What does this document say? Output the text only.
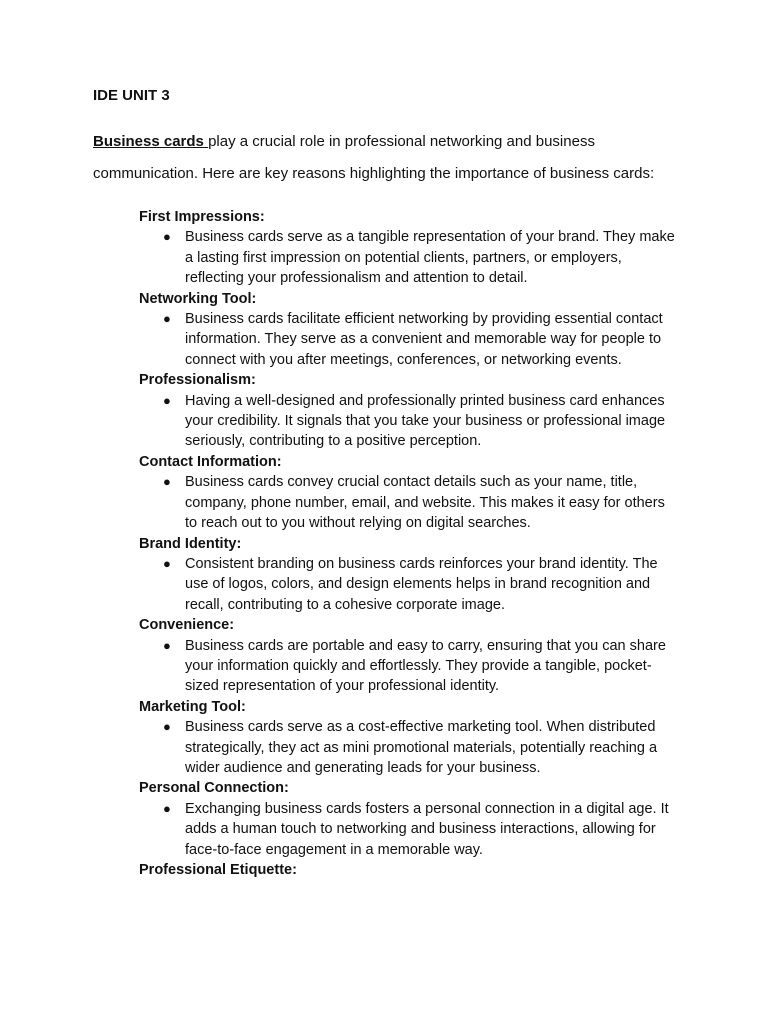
IDE UNIT 3
Business cards play a crucial role in professional networking and business communication. Here are key reasons highlighting the importance of business cards:
First Impressions:
● Business cards serve as a tangible representation of your brand. They make a lasting first impression on potential clients, partners, or employers, reflecting your professionalism and attention to detail.
Networking Tool:
● Business cards facilitate efficient networking by providing essential contact information. They serve as a convenient and memorable way for people to connect with you after meetings, conferences, or networking events.
Professionalism:
● Having a well-designed and professionally printed business card enhances your credibility. It signals that you take your business or professional image seriously, contributing to a positive perception.
Contact Information:
● Business cards convey crucial contact details such as your name, title, company, phone number, email, and website. This makes it easy for others to reach out to you without relying on digital searches.
Brand Identity:
● Consistent branding on business cards reinforces your brand identity. The use of logos, colors, and design elements helps in brand recognition and recall, contributing to a cohesive corporate image.
Convenience:
● Business cards are portable and easy to carry, ensuring that you can share your information quickly and effortlessly. They provide a tangible, pocket-sized representation of your professional identity.
Marketing Tool:
● Business cards serve as a cost-effective marketing tool. When distributed strategically, they act as mini promotional materials, potentially reaching a wider audience and generating leads for your business.
Personal Connection:
● Exchanging business cards fosters a personal connection in a digital age. It adds a human touch to networking and business interactions, allowing for face-to-face engagement in a memorable way.
Professional Etiquette:
